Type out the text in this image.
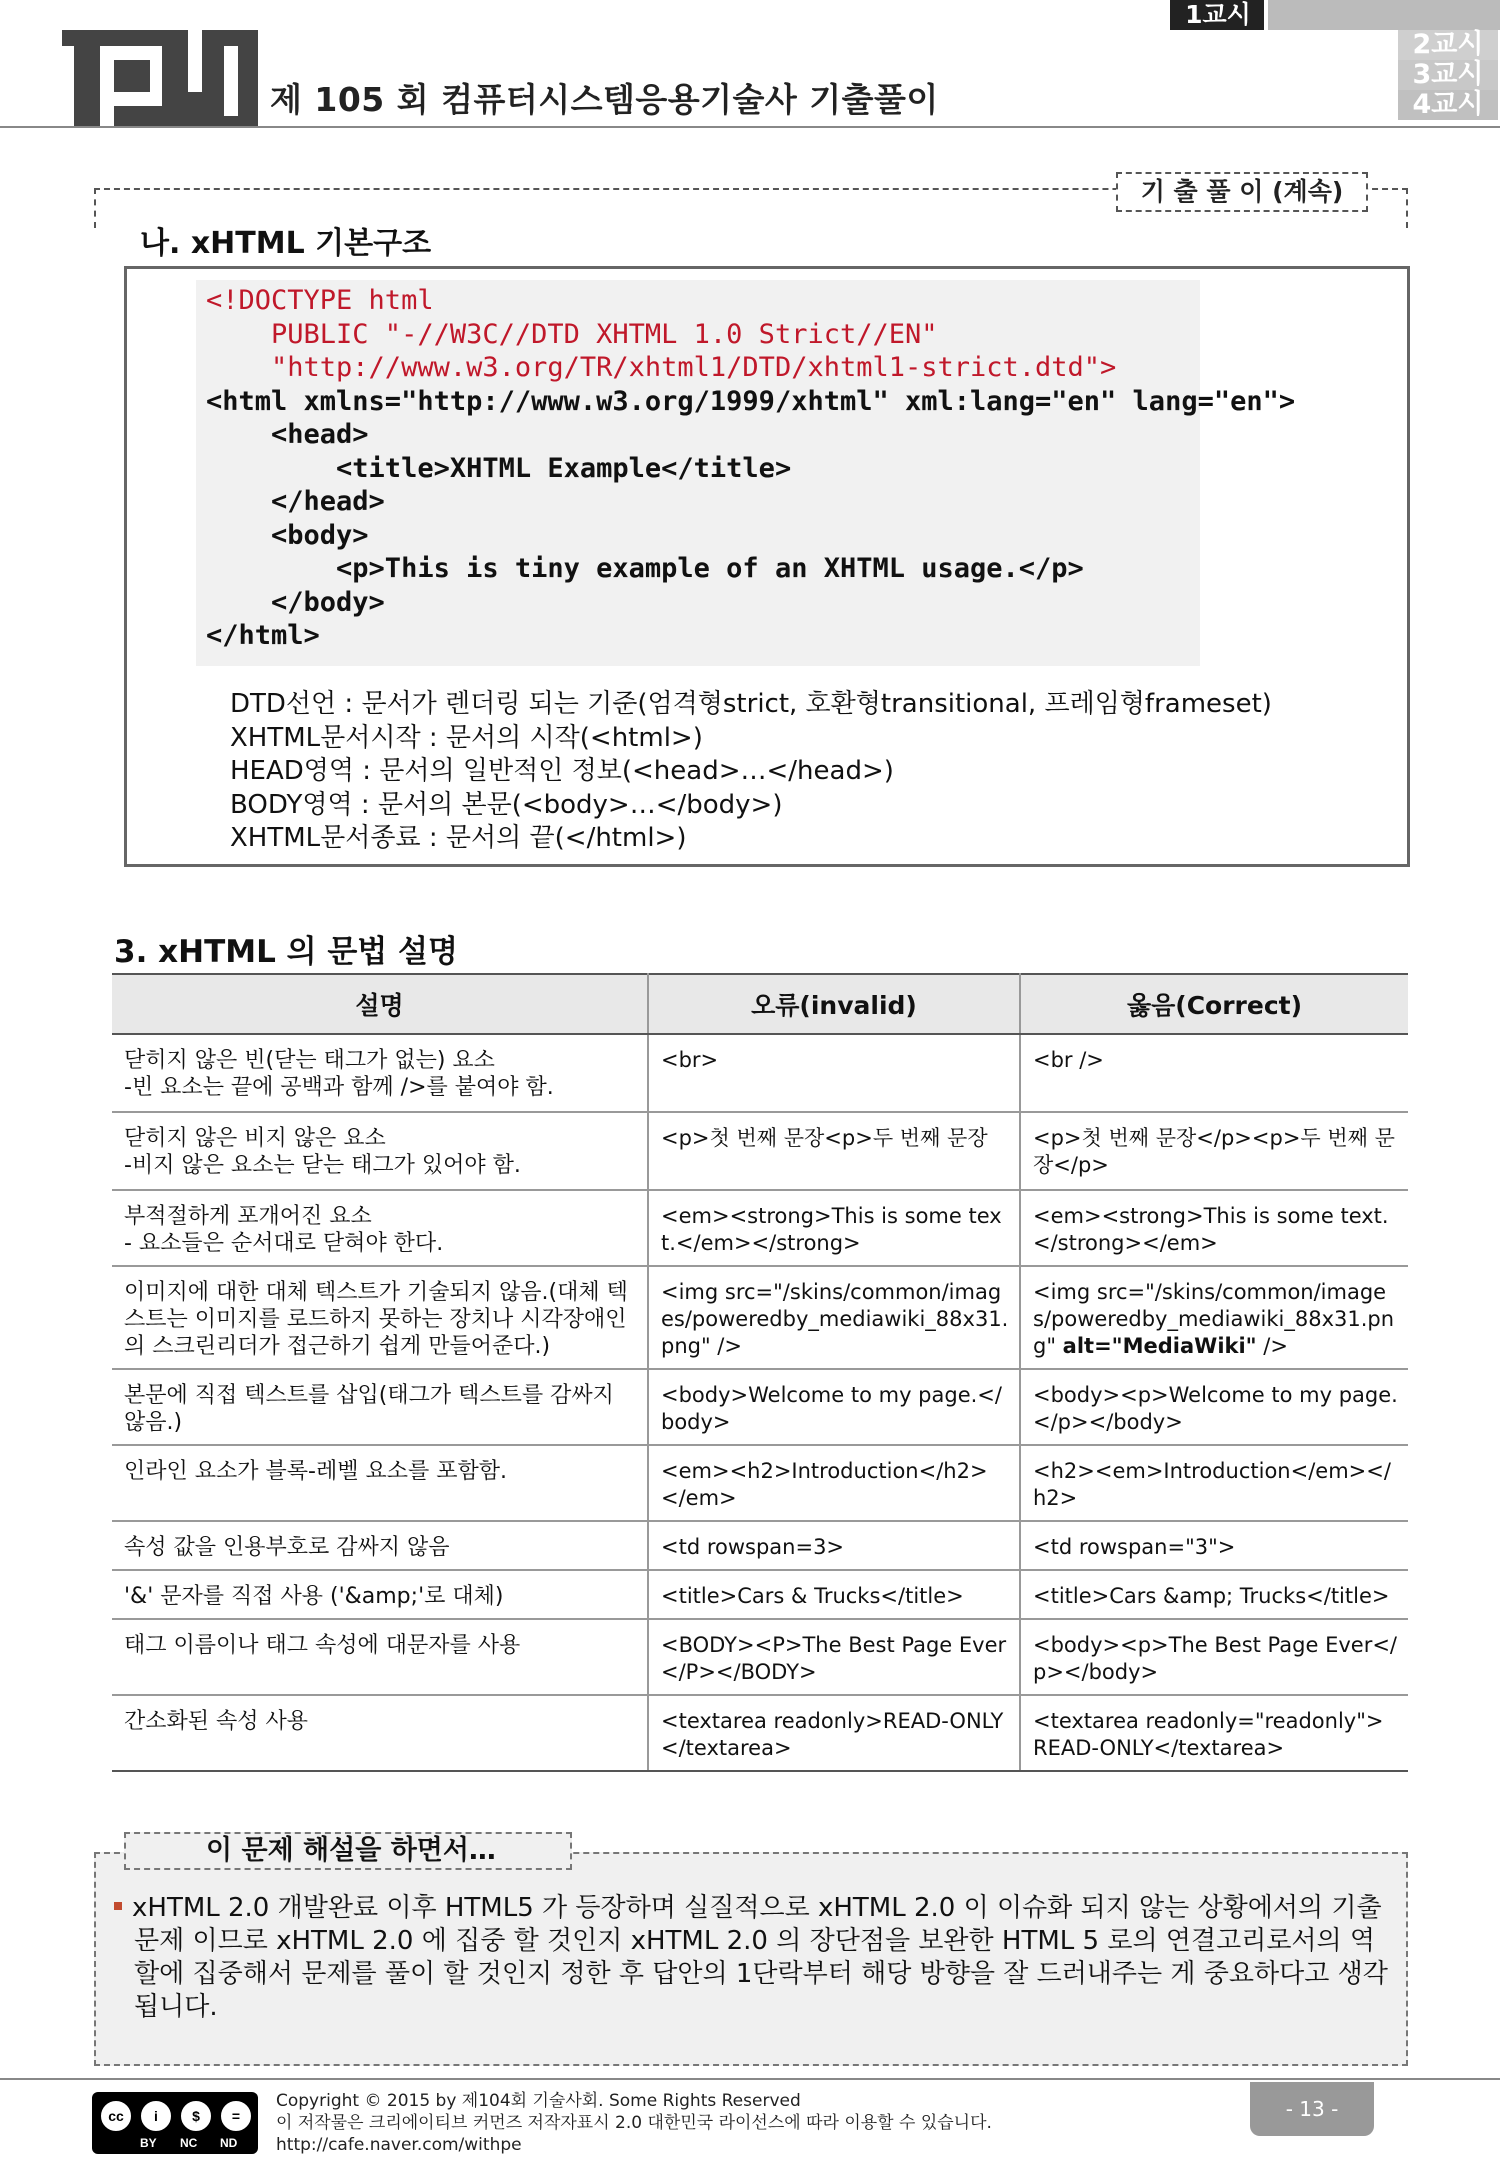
whitesnake
제 105 회 컴퓨터시스템응용기술사 기출풀이
1교시
2교시
3교시
4교시
기 출 풀 이 (계속)
나. xHTML 기본구조
<!DOCTYPE html
PUBLIC "-//W3C//DTD XHTML 1.0 Strict//EN"
"http://www.w3.org/TR/xhtml1/DTD/xhtml1-strict.dtd">
<html xmlns="http://www.w3.org/1999/xhtml" xml:lang="en" lang="en">
<head>
<title>XHTML Example</title>
</head>
<body>
<p>This is tiny example of an XHTML usage.</p>
</body>
</html>
DTD선언 : 문서가 렌더링 되는 기준(엄격형strict, 호환형transitional, 프레임형frameset)
XHTML문서시작 : 문서의 시작(<html>)
HEAD영역 : 문서의 일반적인 정보(<head>…</head>)
BODY영역 : 문서의 본문(<body>…</body>)
XHTML문서종료 : 문서의 끝(</html>)
3. xHTML 의 문법 설명
설명	오류(invalid)	옳음(Correct)
닫히지 않은 빈(닫는 태그가 없는) 요소
-빈 요소는 끝에 공백과 함께 />를 붙여야 함.	<br>	<br />
닫히지 않은 비지 않은 요소
-비지 않은 요소는 닫는 태그가 있어야 함.	<p>첫 번째 문장<p>두 번째 문장	<p>첫 번째 문장</p><p>두 번째 문장</p>
부적절하게 포개어진 요소
- 요소들은 순서대로 닫혀야 한다.	<em><strong>This is some text.</em></strong>	<em><strong>This is some text.</strong></em>
이미지에 대한 대체 텍스트가 기술되지 않음.(대체 텍스트는 이미지를 로드하지 못하는 장치나 시각장애인의 스크린리더가 접근하기 쉽게 만들어준다.)	<img src="/skins/common/images/poweredby_mediawiki_88x31.png" />	<img src="/skins/common/images/poweredby_mediawiki_88x31.png" alt="MediaWiki" />
본문에 직접 텍스트를 삽입(태그가 텍스트를 감싸지 않음.)	<body>Welcome to my page.</body>	<body><p>Welcome to my page.</p></body>
인라인 요소가 블록-레벨 요소를 포함함.	<em><h2>Introduction</h2></em>	<h2><em>Introduction</em></h2>
속성 값을 인용부호로 감싸지 않음	<td rowspan=3>	<td rowspan="3">
'&' 문자를 직접 사용 ('&amp;'로 대체)	<title>Cars & Trucks</title>	<title>Cars &amp; Trucks</title>
태그 이름이나 태그 속성에 대문자를 사용	<BODY><P>The Best Page Ever</P></BODY>	<body><p>The Best Page Ever</p></body>
간소화된 속성 사용	<textarea readonly>READ-ONLY</textarea>	<textarea readonly="readonly">READ-ONLY</textarea>
이 문제 해설을 하면서…
xHTML 2.0 개발완료 이후 HTML5 가 등장하며 실질적으로 xHTML 2.0 이 이슈화 되지 않는 상황에서의 기출문제 이므로 xHTML 2.0 에 집중 할 것인지 xHTML 2.0 의 장단점을 보완한 HTML 5 로의 연결고리로서의 역할에 집중해서 문제를 풀이 할 것인지 정한 후 답안의 1단락부터 해당 방향을 잘 드러내주는 게 중요하다고 생각됩니다.
cc	i	$	=
BY NC ND
Copyright © 2015 by 제104회 기술사회. Some Rights Reserved
이 저작물은 크리에이티브 커먼즈 저작자표시 2.0 대한민국 라이선스에 따라 이용할 수 있습니다.
http://cafe.naver.com/withpe
- 13 -
